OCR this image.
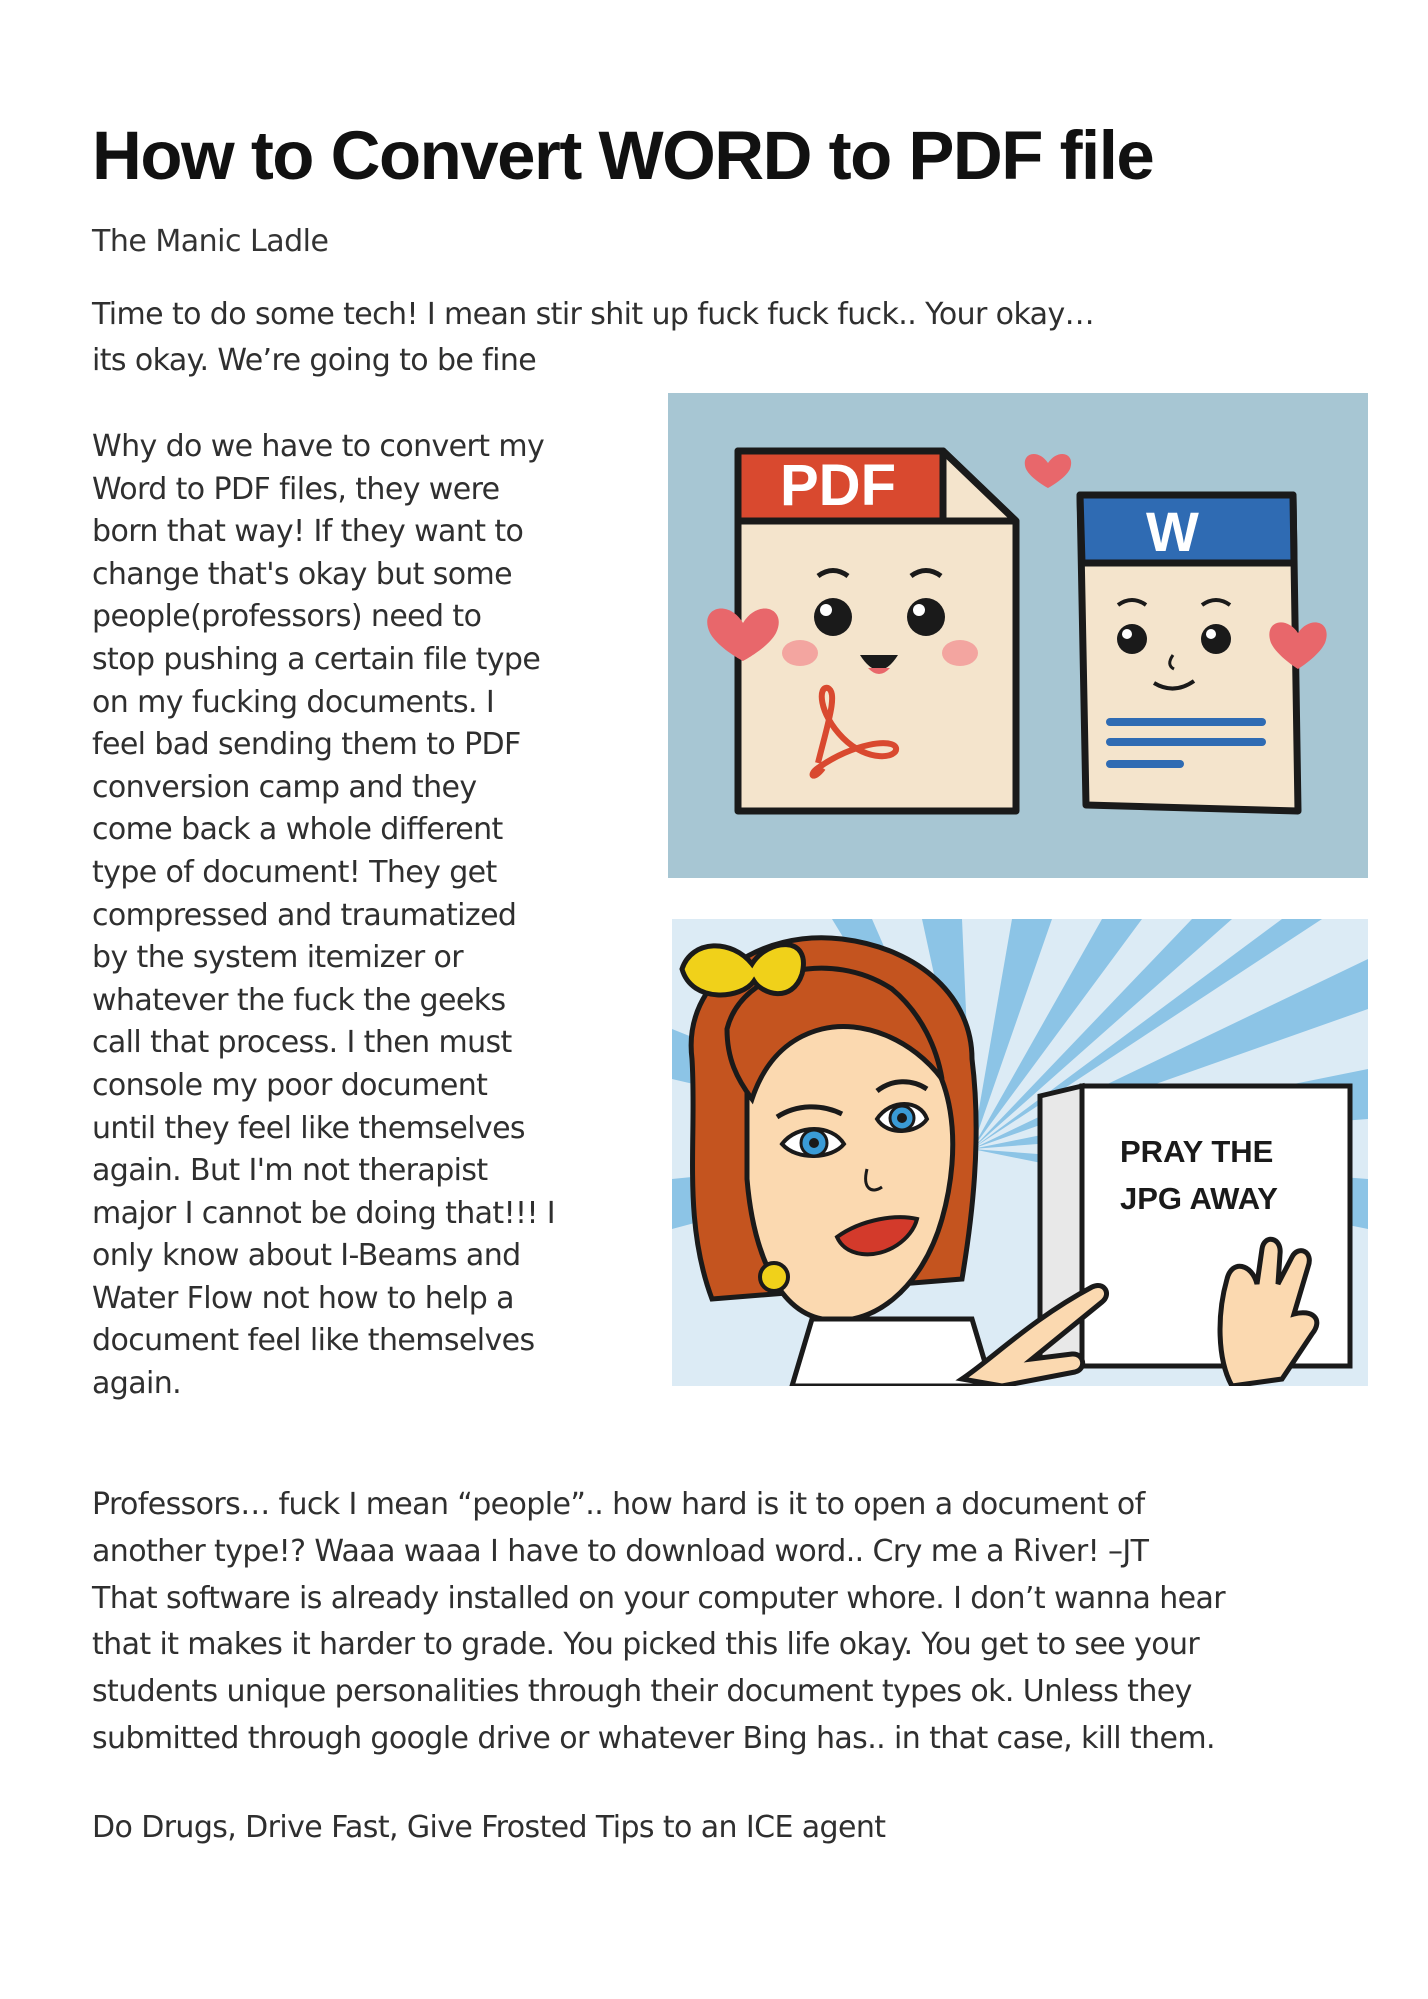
How to Convert WORD to PDF file
The Manic Ladle

Time to do some tech! I mean stir shit up fuck fuck fuck.. Your okay…
its okay. We’re going to be fine

Why do we have to convert my
Word to PDF files, they were
born that way! If they want to
change that's okay but some
people(professors) need to
stop pushing a certain file type
on my fucking documents. I
feel bad sending them to PDF
conversion camp and they
come back a whole different
type of document! They get
compressed and traumatized
by the system itemizer or
whatever the fuck the geeks
call that process. I then must
console my poor document
until they feel like themselves
again. But I'm not therapist
major I cannot be doing that!!! I
only know about I-Beams and
Water Flow not how to help a
document feel like themselves
again.

PDF
W
PRAY THE
JPG AWAY

Professors… fuck I mean “people”.. how hard is it to open a document of
another type!? Waaa waaa I have to download word.. Cry me a River! –JT
That software is already installed on your computer whore. I don’t wanna hear
that it makes it harder to grade. You picked this life okay. You get to see your
students unique personalities through their document types ok. Unless they
submitted through google drive or whatever Bing has.. in that case, kill them.

Do Drugs, Drive Fast, Give Frosted Tips to an ICE agent
